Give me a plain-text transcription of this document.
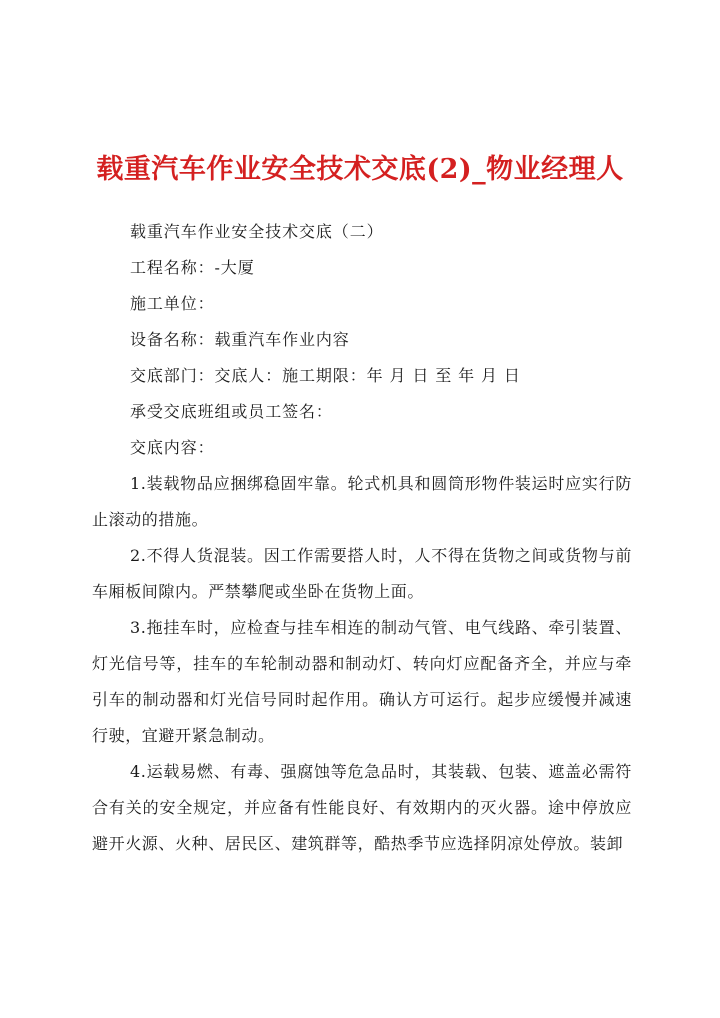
载重汽车作业安全技术交底(2)_物业经理人

载重汽车作业安全技术交底（二）

工程名称：-大厦

施工单位：

设备名称：载重汽车作业内容

交底部门：交底人：施工期限：年 月 日 至 年 月 日

承受交底班组或员工签名：

交底内容：

1.装载物品应捆绑稳固牢靠。轮式机具和圆筒形物件装运时应实行防止滚动的措施。

2.不得人货混装。因工作需要搭人时，人不得在货物之间或货物与前车厢板间隙内。严禁攀爬或坐卧在货物上面。

3.拖挂车时，应检查与挂车相连的制动气管、电气线路、牵引装置、灯光信号等，挂车的车轮制动器和制动灯、转向灯应配备齐全，并应与牵引车的制动器和灯光信号同时起作用。确认方可运行。起步应缓慢并减速行驶，宜避开紧急制动。

4.运载易燃、有毒、强腐蚀等危急品时，其装载、包装、遮盖必需符合有关的安全规定，并应备有性能良好、有效期内的灭火器。途中停放应避开火源、火种、居民区、建筑群等，酷热季节应选择阴凉处停放。装卸
